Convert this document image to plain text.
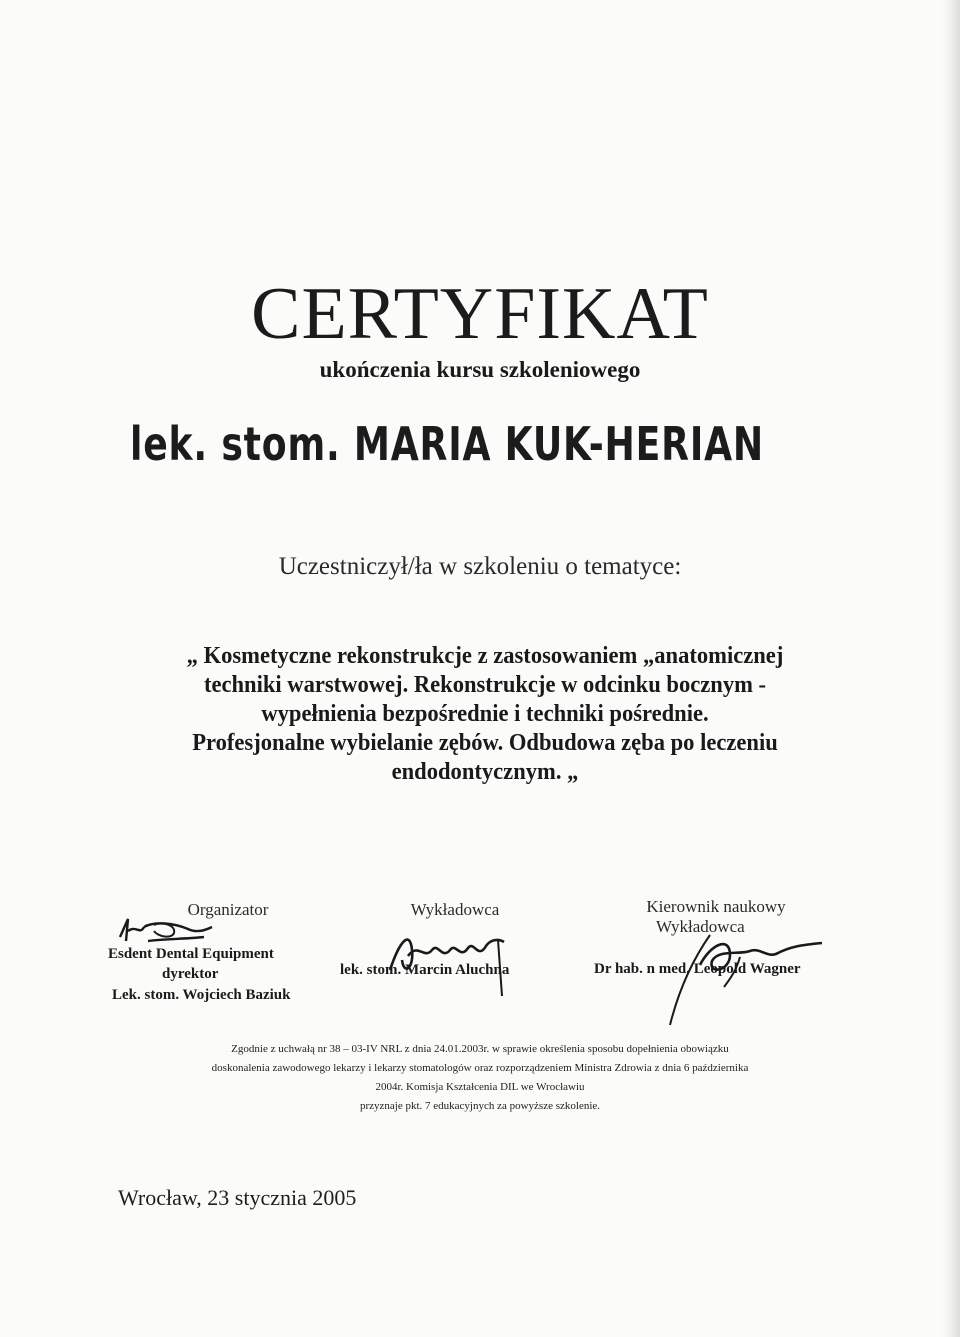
CERTYFIKAT
ukończenia kursu szkoleniowego
lek. stom. MARIA KUK-HERIAN
Uczestniczył/ła w szkoleniu o tematyce:
„ Kosmetyczne rekonstrukcje z zastosowaniem „anatomicznej
techniki warstwowej. Rekonstrukcje w odcinku bocznym -
wypełnienia bezpośrednie i techniki pośrednie.
Profesjonalne wybielanie zębów. Odbudowa zęba po leczeniu
endodontycznym. „
Organizator
Esdent Dental Equipment
dyrektor
Lek. stom. Wojciech Baziuk
Wykładowca
lek. stom. Marcin Aluchna
Kierownik naukowy
Wykładowca
Dr hab. n med. Leopold Wagner
Zgodnie z uchwałą nr 38 – 03-IV NRL z dnia 24.01.2003r. w sprawie określenia sposobu dopełnienia obowiązku
doskonalenia zawodowego lekarzy i lekarzy stomatologów oraz rozporządzeniem Ministra Zdrowia z dnia 6 października
2004r. Komisja Kształcenia DIL we Wrocławiu
przyznaje pkt. 7 edukacyjnych za powyższe szkolenie.
Wrocław, 23 stycznia 2005
